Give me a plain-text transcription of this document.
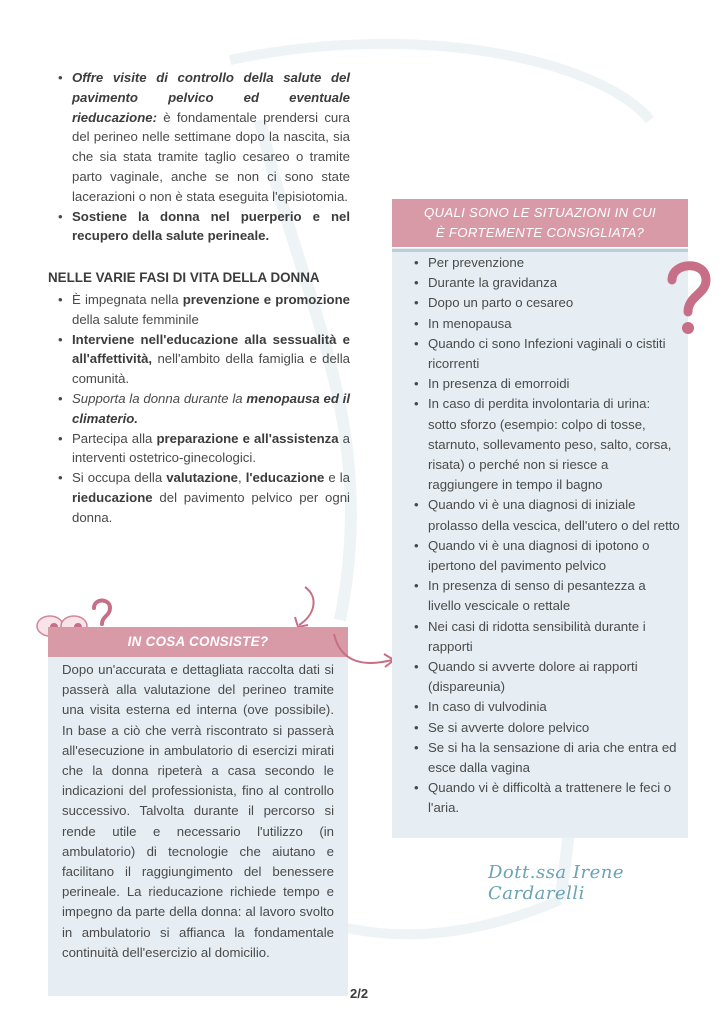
• Offre visite di controllo della salute del pavimento pelvico ed eventuale rieducazione: è fondamentale prendersi cura del perineo nelle settimane dopo la nascita, sia che sia stata tramite taglio cesareo o tramite parto vaginale, anche se non ci sono state lacerazioni o non è stata eseguita l'episiotomia.
• Sostiene la donna nel puerperio e nel recupero della salute perineale.
NELLE VARIE FASI DI VITA DELLA DONNA
• È impegnata nella prevenzione e promozione della salute femminile
• Interviene nell'educazione alla sessualità e all'affettività, nell'ambito della famiglia e della comunità.
• Supporta la donna durante la menopausa ed il climaterio.
• Partecipa alla preparazione e all'assistenza a interventi ostetrico-ginecologici.
• Si occupa della valutazione, l'educazione e la rieducazione del pavimento pelvico per ogni donna.
IN COSA CONSISTE?
Dopo un'accurata e dettagliata raccolta dati si passerà alla valutazione del perineo tramite una visita esterna ed interna (ove possibile). In base a ciò che verrà riscontrato si passerà all'esecuzione in ambulatorio di esercizi mirati che la donna ripeterà a casa secondo le indicazioni del professionista, fino al controllo successivo. Talvolta durante il percorso si rende utile e necessario l'utilizzo (in ambulatorio) di tecnologie che aiutano e facilitano il raggiungimento del benessere perineale. La rieducazione richiede tempo e impegno da parte della donna: al lavoro svolto in ambulatorio si affianca la fondamentale continuità dell'esercizio al domicilio.
QUALI SONO LE SITUAZIONI IN CUI
È FORTEMENTE CONSIGLIATA?
• Per prevenzione
• Durante la gravidanza
• Dopo un parto o cesareo
• In menopausa
• Quando ci sono Infezioni vaginali o cistiti ricorrenti
• In presenza di emorroidi
• In caso di perdita involontaria di urina: sotto sforzo (esempio: colpo di tosse, starnuto, sollevamento peso, salto, corsa, risata) o perché non si riesce a raggiungere in tempo il bagno
• Quando vi è una diagnosi di iniziale prolasso della vescica, dell'utero o del retto
• Quando vi è una diagnosi di ipotono o ipertono del pavimento pelvico
• In presenza di senso di pesantezza a livello vescicale o rettale
• Nei casi di ridotta sensibilità durante i rapporti
• Quando si avverte dolore ai rapporti (dispareunia)
• In caso di vulvodinia
• Se si avverte dolore pelvico
• Se si ha la sensazione di aria che entra ed esce dalla vagina
• Quando vi è difficoltà a trattenere le feci o l'aria.
Dott.ssa Irene Cardarelli
2/2
